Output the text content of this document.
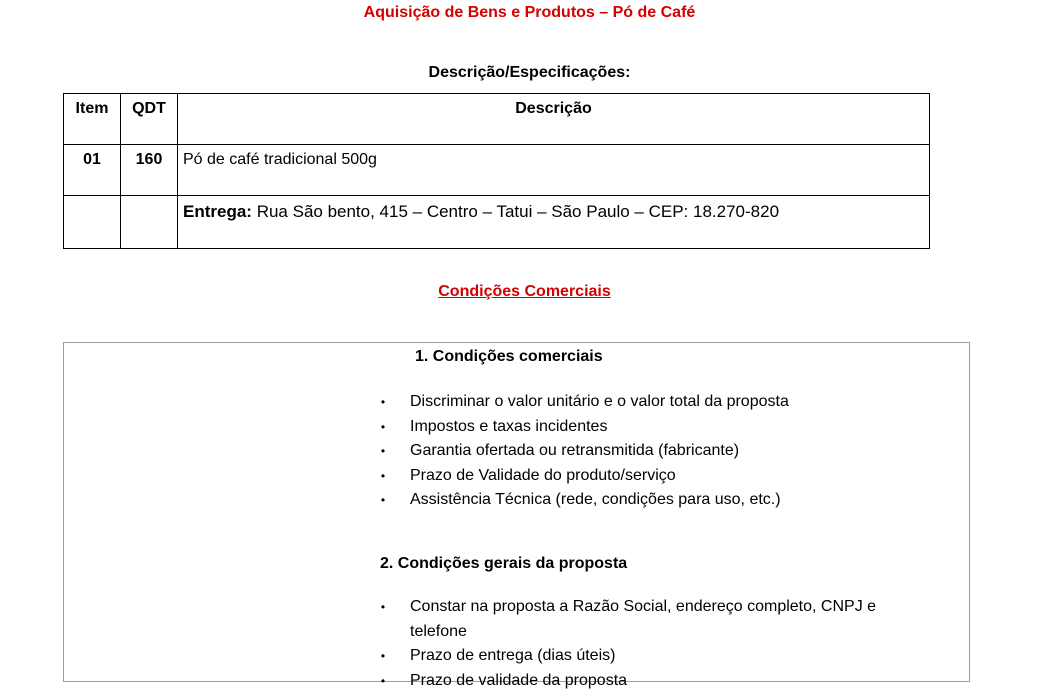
Aquisição de Bens e Produtos – Pó de Café
Descrição/Especificações:
Item	QDT	Descrição
01	160	Pó de café tradicional 500g
		Entrega: Rua São bento, 415 – Centro – Tatui – São Paulo – CEP: 18.270-820
Condições Comerciais
1. Condições comerciais
• Discriminar o valor unitário e o valor total da proposta
• Impostos e taxas incidentes
• Garantia ofertada ou retransmitida (fabricante)
• Prazo de Validade do produto/serviço
• Assistência Técnica (rede, condições para uso, etc.)
2. Condições gerais da proposta
• Constar na proposta a Razão Social, endereço completo, CNPJ e telefone
• Prazo de entrega (dias úteis)
• Prazo de validade da proposta
